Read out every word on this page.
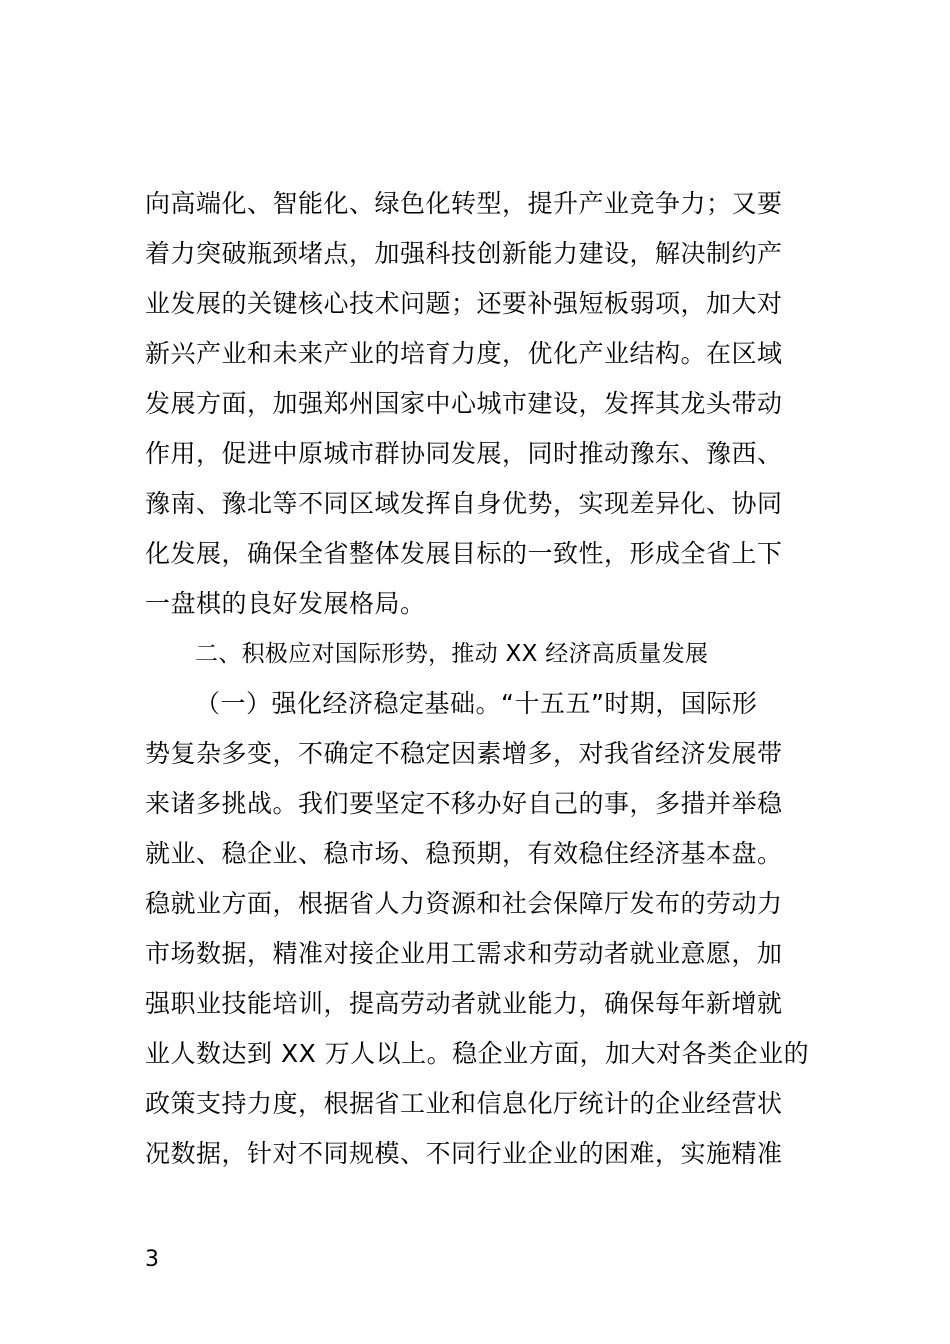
向高端化、智能化、绿色化转型，提升产业竞争力；又要
着力突破瓶颈堵点，加强科技创新能力建设，解决制约产
业发展的关键核心技术问题；还要补强短板弱项，加大对
新兴产业和未来产业的培育力度，优化产业结构。在区域
发展方面，加强郑州国家中心城市建设，发挥其龙头带动
作用，促进中原城市群协同发展，同时推动豫东、豫西、
豫南、豫北等不同区域发挥自身优势，实现差异化、协同
化发展，确保全省整体发展目标的一致性，形成全省上下
一盘棋的良好发展格局。
二、积极应对国际形势，推动 XX 经济高质量发展
（一）强化经济稳定基础。“十五五”时期，国际形
势复杂多变，不确定不稳定因素增多，对我省经济发展带
来诸多挑战。我们要坚定不移办好自己的事，多措并举稳
就业、稳企业、稳市场、稳预期，有效稳住经济基本盘。
稳就业方面，根据省人力资源和社会保障厅发布的劳动力
市场数据，精准对接企业用工需求和劳动者就业意愿，加
强职业技能培训，提高劳动者就业能力，确保每年新增就
业人数达到 XX 万人以上。稳企业方面，加大对各类企业的
政策支持力度，根据省工业和信息化厅统计的企业经营状
况数据，针对不同规模、不同行业企业的困难，实施精准
3
